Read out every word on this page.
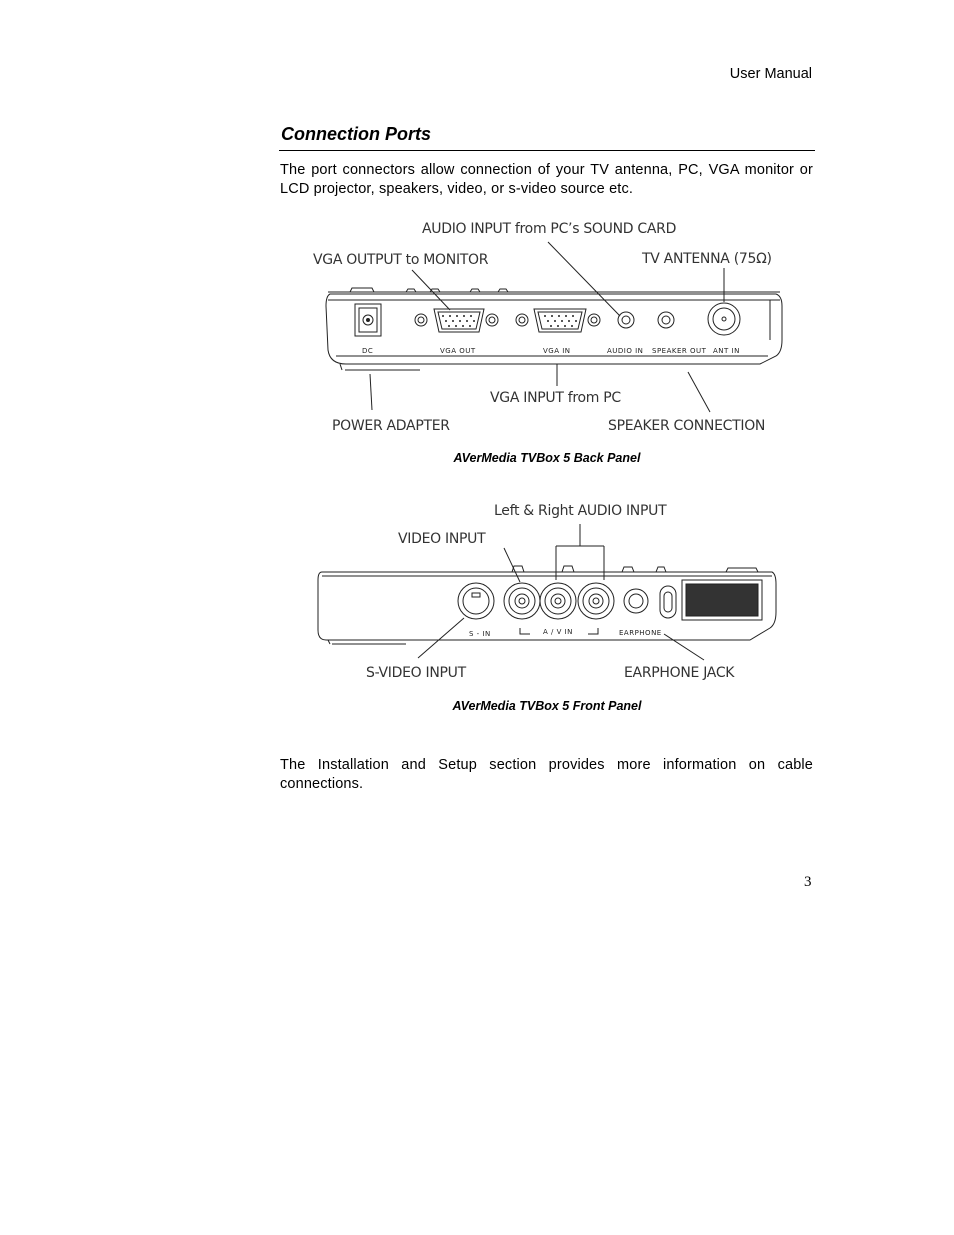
User Manual
Connection Ports
The port connectors allow connection of your TV antenna, PC, VGA monitor or LCD projector, speakers, video, or s-video source etc.
DC	VGA OUT	VGA IN	AUDIO IN SPEAKER OUT ANT IN
AUDIO INPUT from PC’s SOUND CARD
VGA OUTPUT to MONITOR	TV ANTENNA (75Ω)
VGA INPUT from PC
POWER ADAPTER	SPEAKER CONNECTION
S - IN	A / V IN	EARPHONE
Left & Right AUDIO INPUT
VIDEO INPUT
S-VIDEO INPUT	EARPHONE JACK
AVerMedia TVBox 5 Back Panel
AVerMedia TVBox 5 Front Panel
The Installation and Setup section provides more information on cable connections.
3
